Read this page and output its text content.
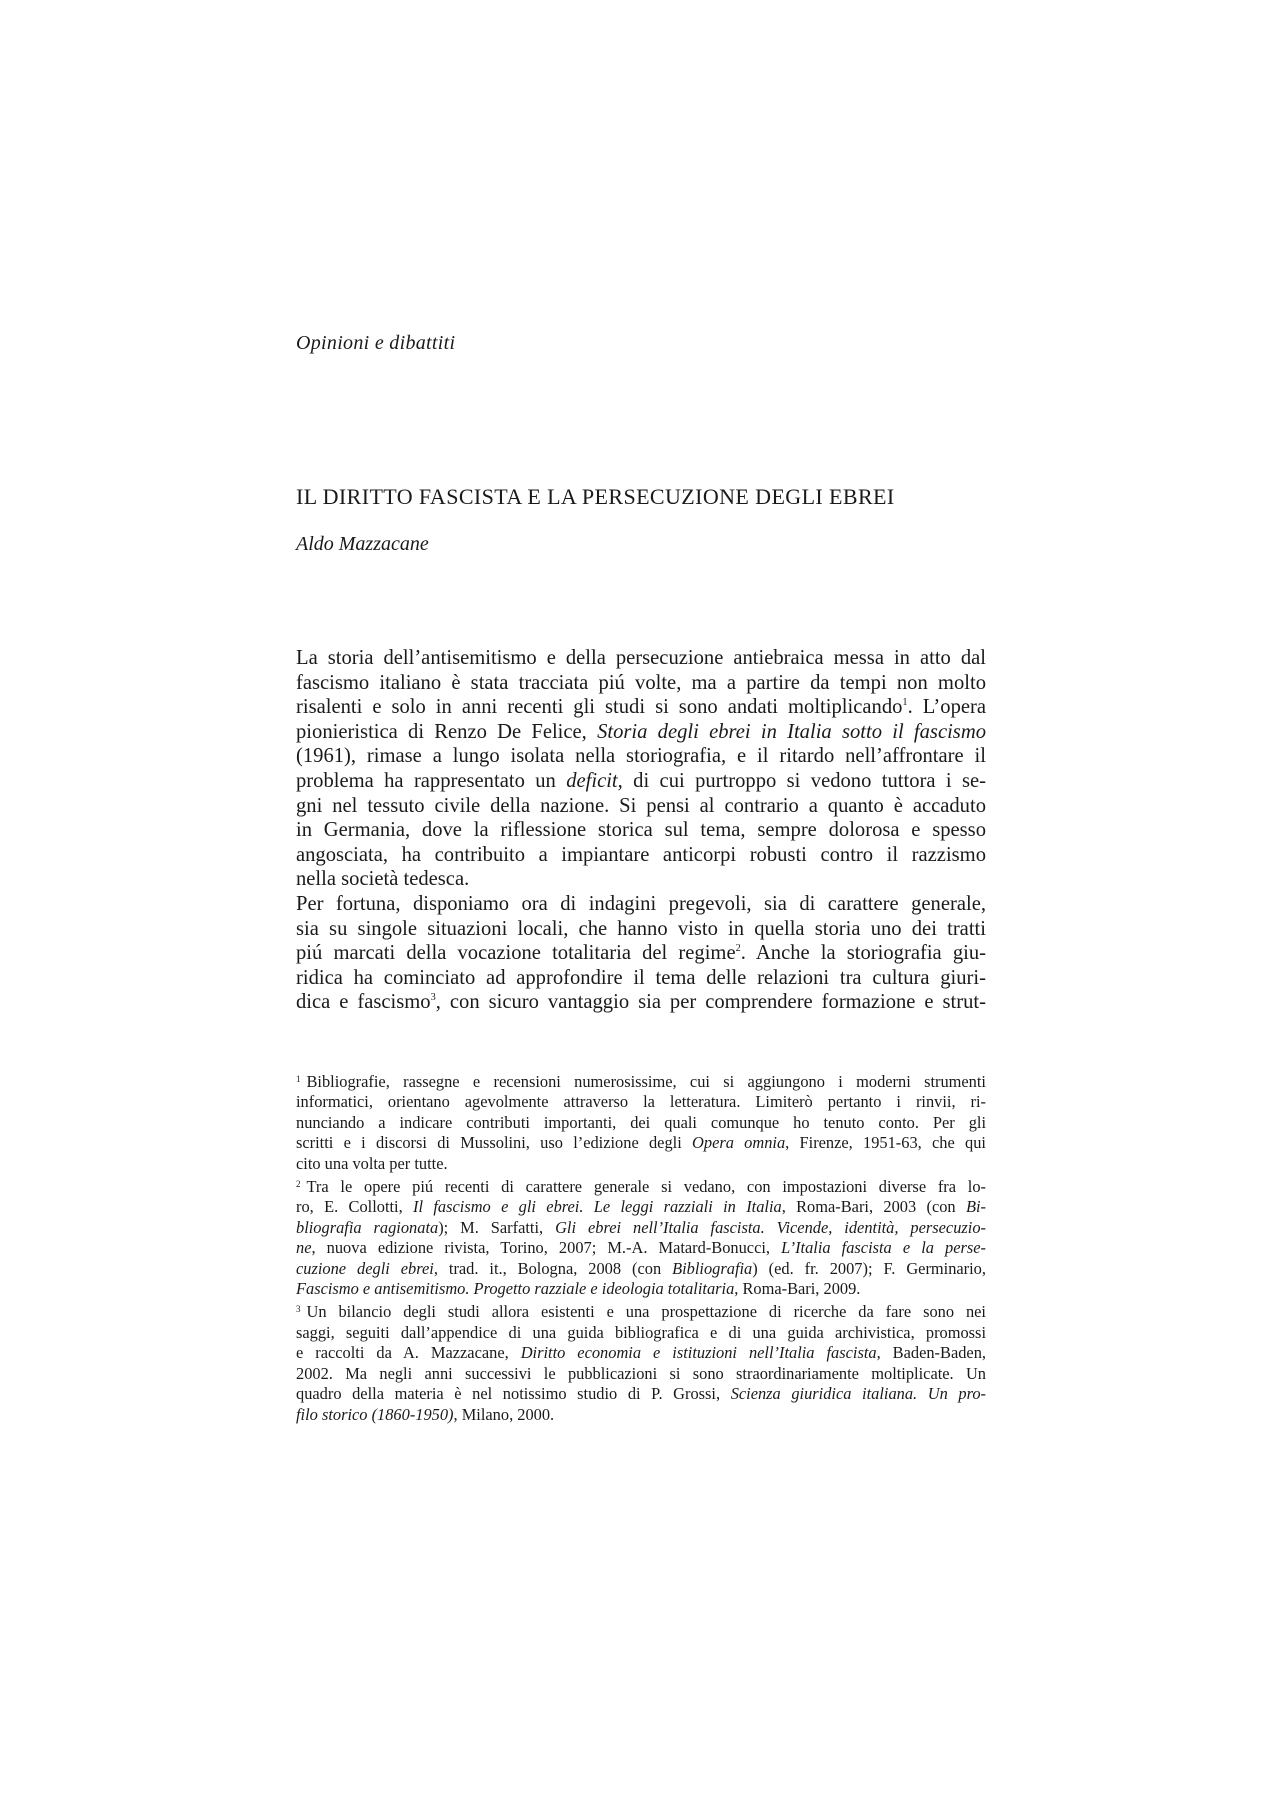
Opinioni e dibattiti
IL DIRITTO FASCISTA E LA PERSECUZIONE DEGLI EBREI
Aldo Mazzacane

La storia dell’antisemitismo e della persecuzione antiebraica messa in atto dal
fascismo italiano è stata tracciata piú volte, ma a partire da tempi non molto
risalenti e solo in anni recenti gli studi si sono andati moltiplicando$^1$. L’opera
pionieristica di Renzo De Felice, Storia degli ebrei in Italia sotto il fascismo
(1961), rimase a lungo isolata nella storiografia, e il ritardo nell’affrontare il
problema ha rappresentato un deficit, di cui purtroppo si vedono tuttora i se-
gni nel tessuto civile della nazione. Si pensi al contrario a quanto è accaduto
in Germania, dove la riflessione storica sul tema, sempre dolorosa e spesso
angosciata, ha contribuito a impiantare anticorpi robusti contro il razzismo
nella società tedesca.

Per fortuna, disponiamo ora di indagini pregevoli, sia di carattere generale,
sia su singole situazioni locali, che hanno visto in quella storia uno dei tratti
piú marcati della vocazione totalitaria del regime$^2$. Anche la storiografia giu-
ridica ha cominciato ad approfondire il tema delle relazioni tra cultura giuri-
dica e fascismo$^3$, con sicuro vantaggio sia per comprendere formazione e strut-

$^1$ Bibliografie, rassegne e recensioni numerosissime, cui si aggiungono i moderni strumenti
informatici, orientano agevolmente attraverso la letteratura. Limiterò pertanto i rinvii, ri-
nunciando a indicare contributi importanti, dei quali comunque ho tenuto conto. Per gli
scritti e i discorsi di Mussolini, uso l’edizione degli Opera omnia, Firenze, 1951-63, che qui
cito una volta per tutte.

$^2$ Tra le opere piú recenti di carattere generale si vedano, con impostazioni diverse fra lo-
ro, E. Collotti, Il fascismo e gli ebrei. Le leggi razziali in Italia, Roma-Bari, 2003 (con Bi-
bliografia ragionata); M. Sarfatti, Gli ebrei nell’Italia fascista. Vicende, identità, persecuzio-
ne, nuova edizione rivista, Torino, 2007; M.-A. Matard-Bonucci, L’Italia fascista e la perse-
cuzione degli ebrei, trad. it., Bologna, 2008 (con Bibliografia) (ed. fr. 2007); F. Germinario,
Fascismo e antisemitismo. Progetto razziale e ideologia totalitaria, Roma-Bari, 2009.

$^3$ Un bilancio degli studi allora esistenti e una prospettazione di ricerche da fare sono nei
saggi, seguiti dall’appendice di una guida bibliografica e di una guida archivistica, promossi
e raccolti da A. Mazzacane, Diritto economia e istituzioni nell’Italia fascista, Baden-Baden,
2002. Ma negli anni successivi le pubblicazioni si sono straordinariamente moltiplicate. Un
quadro della materia è nel notissimo studio di P. Grossi, Scienza giuridica italiana. Un pro-
filo storico (1860-1950), Milano, 2000.
